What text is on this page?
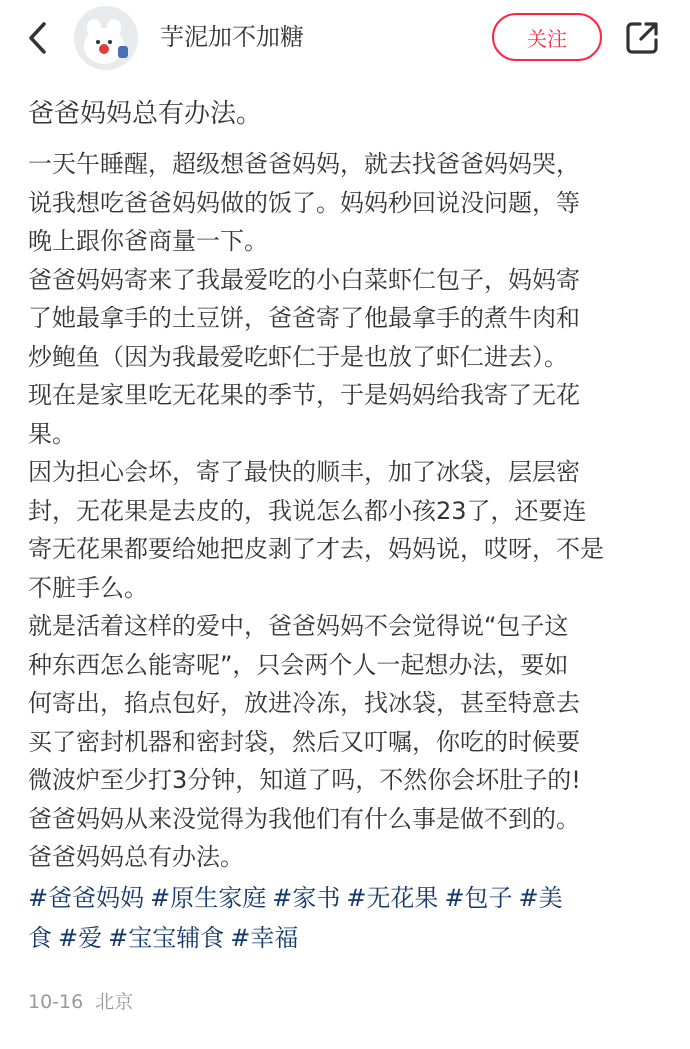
芋泥加不加糖	关注
爸爸妈妈总有办法。
一天午睡醒，超级想爸爸妈妈，就去找爸爸妈妈哭，
说我想吃爸爸妈妈做的饭了。妈妈秒回说没问题，等
晚上跟你爸商量一下。
爸爸妈妈寄来了我最爱吃的小白菜虾仁包子，妈妈寄
了她最拿手的土豆饼，爸爸寄了他最拿手的煮牛肉和
炒鲍鱼（因为我最爱吃虾仁于是也放了虾仁进去）。
现在是家里吃无花果的季节，于是妈妈给我寄了无花
果。
因为担心会坏，寄了最快的顺丰，加了冰袋，层层密
封，无花果是去皮的，我说怎么都小孩23了，还要连
寄无花果都要给她把皮剥了才去，妈妈说，哎呀，不是
不脏手么。
就是活着这样的爱中，爸爸妈妈不会觉得说“包子这
种东西怎么能寄呢”，只会两个人一起想办法，要如
何寄出，掐点包好，放进冷冻，找冰袋，甚至特意去
买了密封机器和密封袋，然后又叮嘱，你吃的时候要
微波炉至少打3分钟，知道了吗，不然你会坏肚子的!
爸爸妈妈从来没觉得为我他们有什么事是做不到的。
爸爸妈妈总有办法。
#爸爸妈妈 #原生家庭 #家书 #无花果 #包子 #美
食 #爱 #宝宝辅食 #幸福
10-16 北京
